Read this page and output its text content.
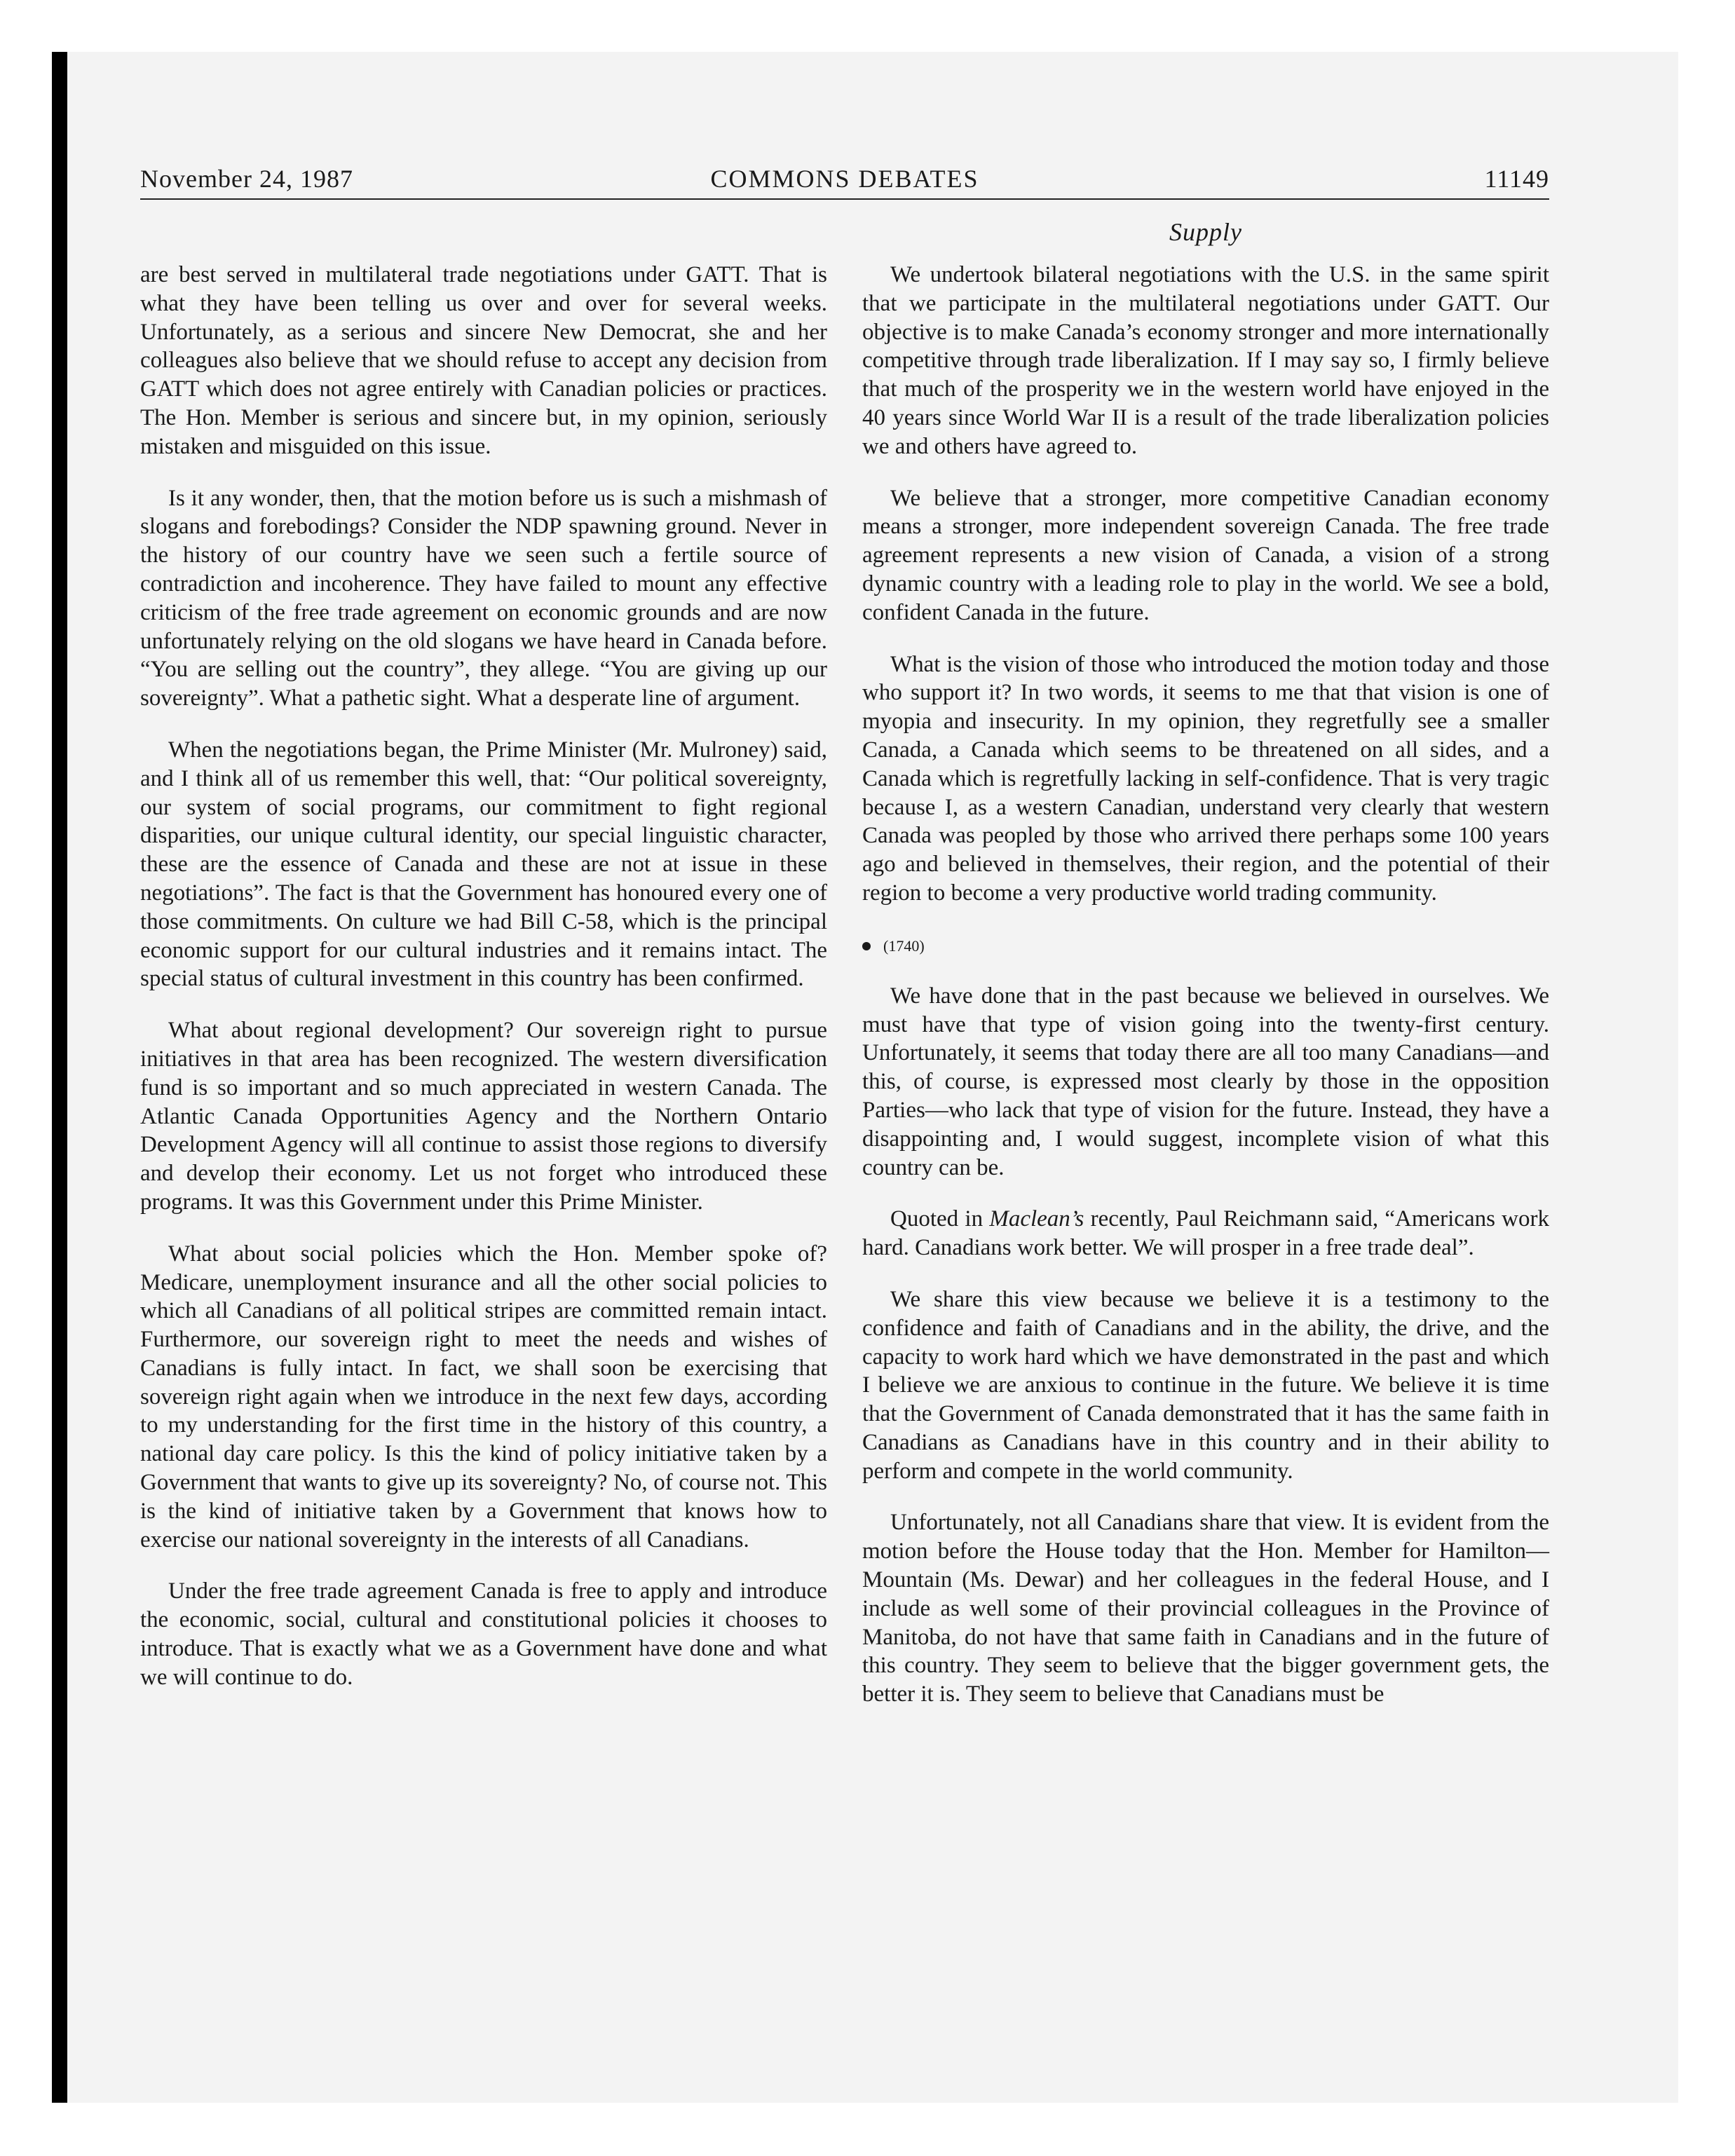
November 24, 1987	COMMONS DEBATES	11149
Supply

are best served in multilateral trade negotiations under GATT. That is what they have been telling us over and over for several weeks. Unfortunately, as a serious and sincere New Democrat, she and her colleagues also believe that we should refuse to accept any decision from GATT which does not agree entirely with Canadian policies or practices. The Hon. Member is serious and sincere but, in my opinion, seriously mistaken and misguided on this issue.

Is it any wonder, then, that the motion before us is such a mishmash of slogans and forebodings? Consider the NDP spawning ground. Never in the history of our country have we seen such a fertile source of contradiction and incoherence. They have failed to mount any effective criticism of the free trade agreement on economic grounds and are now unfortunately relying on the old slogans we have heard in Canada before. “You are selling out the country”, they allege. “You are giving up our sovereignty”. What a pathetic sight. What a desperate line of argument.

When the negotiations began, the Prime Minister (Mr. Mulroney) said, and I think all of us remember this well, that: “Our political sovereignty, our system of social programs, our commitment to fight regional disparities, our unique cultural identity, our special linguistic character, these are the essence of Canada and these are not at issue in these negotiations”. The fact is that the Government has honoured every one of those commitments. On culture we had Bill C-58, which is the principal economic support for our cultural industries and it remains intact. The special status of cultural investment in this country has been confirmed.

What about regional development? Our sovereign right to pursue initiatives in that area has been recognized. The western diversification fund is so important and so much appreciated in western Canada. The Atlantic Canada Opportunities Agency and the Northern Ontario Development Agency will all continue to assist those regions to diversify and develop their economy. Let us not forget who introduced these programs. It was this Government under this Prime Minister.

What about social policies which the Hon. Member spoke of? Medicare, unemployment insurance and all the other social policies to which all Canadians of all political stripes are committed remain intact. Furthermore, our sovereign right to meet the needs and wishes of Canadians is fully intact. In fact, we shall soon be exercising that sovereign right again when we introduce in the next few days, according to my understanding for the first time in the history of this country, a national day care policy. Is this the kind of policy initiative taken by a Government that wants to give up its sovereignty? No, of course not. This is the kind of initiative taken by a Government that knows how to exercise our national sovereignty in the interests of all Canadians.

Under the free trade agreement Canada is free to apply and introduce the economic, social, cultural and constitutional policies it chooses to introduce. That is exactly what we as a Government have done and what we will continue to do.

We undertook bilateral negotiations with the U.S. in the same spirit that we participate in the multilateral negotiations under GATT. Our objective is to make Canada’s economy stronger and more internationally competitive through trade liberalization. If I may say so, I firmly believe that much of the prosperity we in the western world have enjoyed in the 40 years since World War II is a result of the trade liberalization policies we and others have agreed to.

We believe that a stronger, more competitive Canadian economy means a stronger, more independent sovereign Canada. The free trade agreement represents a new vision of Canada, a vision of a strong dynamic country with a leading role to play in the world. We see a bold, confident Canada in the future.

What is the vision of those who introduced the motion today and those who support it? In two words, it seems to me that that vision is one of myopia and insecurity. In my opinion, they regretfully see a smaller Canada, a Canada which seems to be threatened on all sides, and a Canada which is regretfully lacking in self-confidence. That is very tragic because I, as a western Canadian, understand very clearly that western Canada was peopled by those who arrived there perhaps some 100 years ago and believed in themselves, their region, and the potential of their region to become a very productive world trading community.

(1740)

We have done that in the past because we believed in ourselves. We must have that type of vision going into the twenty-first century. Unfortunately, it seems that today there are all too many Canadians—and this, of course, is expressed most clearly by those in the opposition Parties—who lack that type of vision for the future. Instead, they have a disappointing and, I would suggest, incomplete vision of what this country can be.

Quoted in Maclean’s recently, Paul Reichmann said, “Americans work hard. Canadians work better. We will prosper in a free trade deal”.

We share this view because we believe it is a testimony to the confidence and faith of Canadians and in the ability, the drive, and the capacity to work hard which we have demonstrated in the past and which I believe we are anxious to continue in the future. We believe it is time that the Government of Canada demonstrated that it has the same faith in Canadians as Canadians have in this country and in their ability to perform and compete in the world community.

Unfortunately, not all Canadians share that view. It is evident from the motion before the House today that the Hon. Member for Hamilton—Mountain (Ms. Dewar) and her colleagues in the federal House, and I include as well some of their provincial colleagues in the Province of Manitoba, do not have that same faith in Canadians and in the future of this country. They seem to believe that the bigger government gets, the better it is. They seem to believe that Canadians must be
